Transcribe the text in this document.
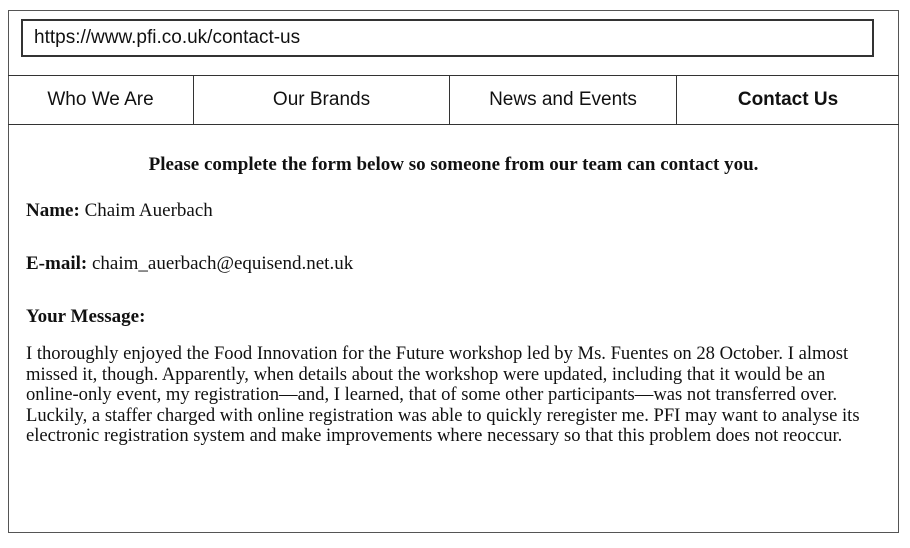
https://www.pfi.co.uk/contact-us
Who We Are	Our Brands	News and Events	Contact Us
Please complete the form below so someone from our team can contact you.
Name: Chaim Auerbach
E-mail: chaim_auerbach@equisend.net.uk
Your Message:
I thoroughly enjoyed the Food Innovation for the Future workshop led by Ms. Fuentes on 28 October. I almost missed it, though. Apparently, when details about the workshop were updated, including that it would be an online-only event, my registration—and, I learned, that of some other participants—was not transferred over. Luckily, a staffer charged with online registration was able to quickly reregister me. PFI may want to analyse its electronic registration system and make improvements where necessary so that this problem does not reoccur.
